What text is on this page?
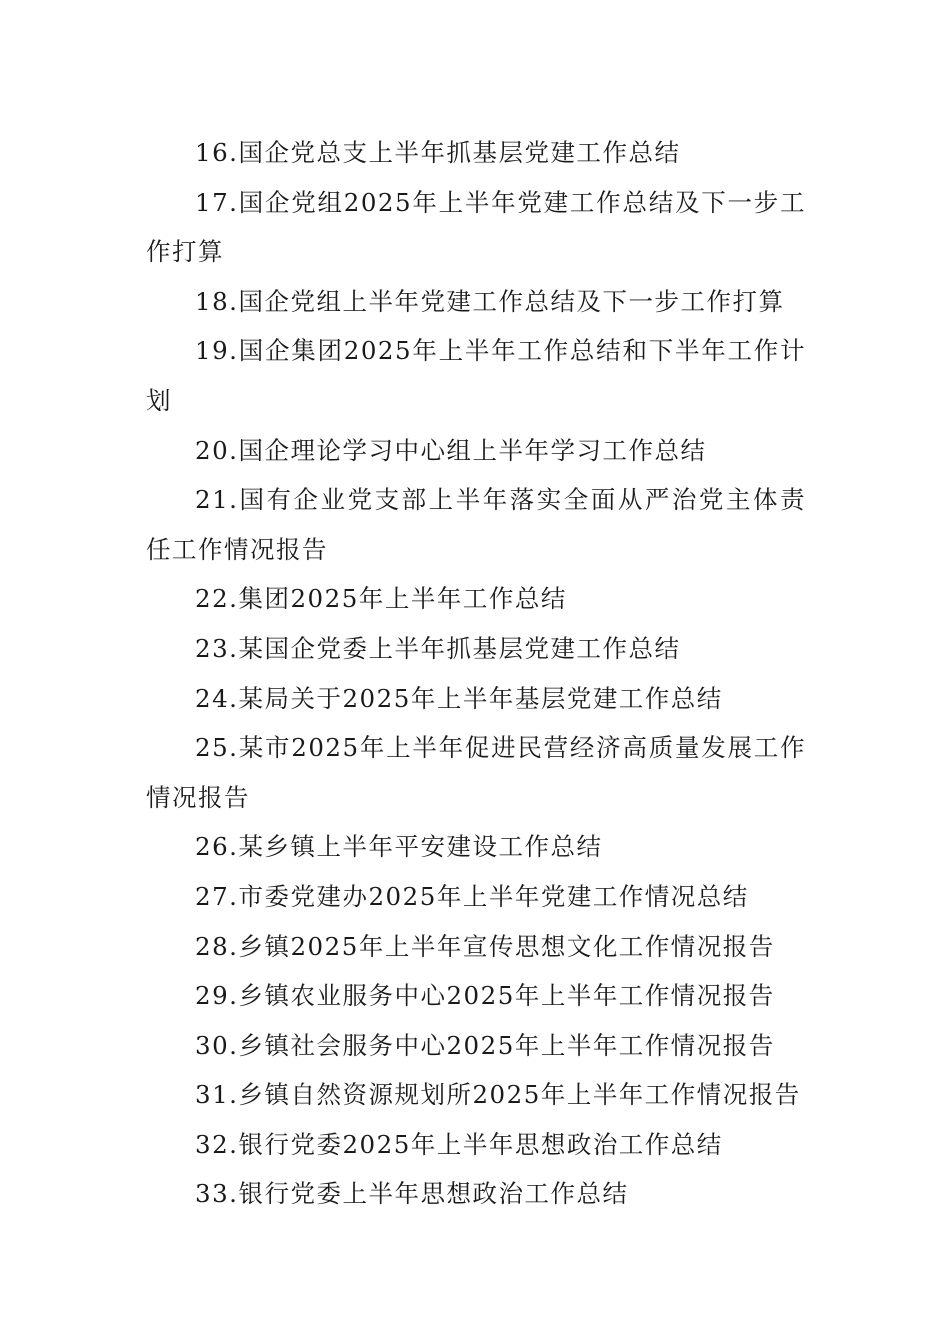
16.国企党总支上半年抓基层党建工作总结
17.国企党组2025年上半年党建工作总结及下一步工作打算
18.国企党组上半年党建工作总结及下一步工作打算
19.国企集团2025年上半年工作总结和下半年工作计划
20.国企理论学习中心组上半年学习工作总结
21.国有企业党支部上半年落实全面从严治党主体责任工作情况报告
22.集团2025年上半年工作总结
23.某国企党委上半年抓基层党建工作总结
24.某局关于2025年上半年基层党建工作总结
25.某市2025年上半年促进民营经济高质量发展工作情况报告
26.某乡镇上半年平安建设工作总结
27.市委党建办2025年上半年党建工作情况总结
28.乡镇2025年上半年宣传思想文化工作情况报告
29.乡镇农业服务中心2025年上半年工作情况报告
30.乡镇社会服务中心2025年上半年工作情况报告
31.乡镇自然资源规划所2025年上半年工作情况报告
32.银行党委2025年上半年思想政治工作总结
33.银行党委上半年思想政治工作总结
